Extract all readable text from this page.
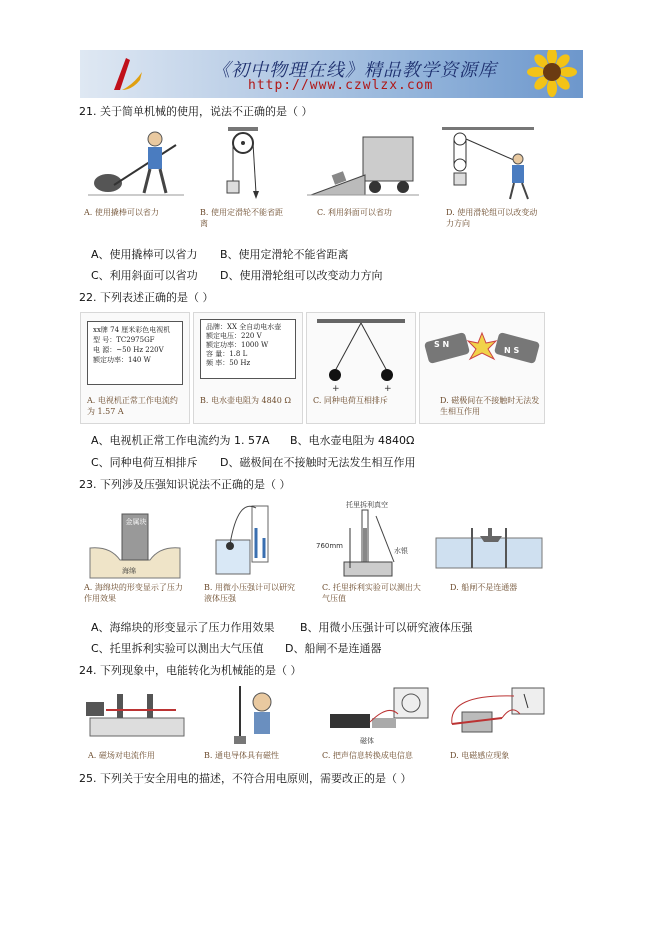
《初中物理在线》精品教学资源库
http://www.czwlzx.com
21. 关于简单机械的使用，说法不正确的是（ ）
A. 使用撬棒可以省力	B. 使用定滑轮不能省距离
C. 利用斜面可以省功	D. 使用滑轮组可以改变动力方向
A、使用撬棒可以省力 B、使用定滑轮不能省距离
C、利用斜面可以省功 D、使用滑轮组可以改变动力方向
22. 下列表述正确的是（ ）
xx牌 74 厘米彩色电视机
型 号：TC2975GF
电 源：~50 Hz 220V
额定功率：140 W
A. 电视机正常工作电流约为 1.57 A
品牌：XX 全自动电水壶
额定电压：220 V
额定功率：1000 W
容 量：1.8 L
频 率：50 Hz
B. 电水壶电阻为 4840 Ω
+	+
C. 同种电荷互相排斥
S N
N S
D. 磁极间在不接触时无法发生相互作用
A、电视机正常工作电流约为 1. 57A B、电水壶电阻为 4840Ω
C、同种电荷互相排斥 D、磁极间在不接触时无法发生相互作用
23. 下列涉及压强知识说法不正确的是（ ）
金属块
海绵
A. 海绵块的形变显示了压力作用效果
B. 用微小压强计可以研究液体压强
托里拆利真空
760mm
水银
C. 托里拆利实验可以测出大气压值
D. 船闸不是连通器
A、海绵块的形变显示了压力作用效果 B、用微小压强计可以研究液体压强
C、托里拆利实验可以测出大气压值 D、船闸不是连通器
24. 下列现象中，电能转化为机械能的是（ ）
A. 磁场对电流作用	B. 通电导体具有磁性
磁体
C. 把声信息转换成电信息	D. 电磁感应现象
25. 下列关于安全用电的描述，不符合用电原则，需要改正的是（ ）
